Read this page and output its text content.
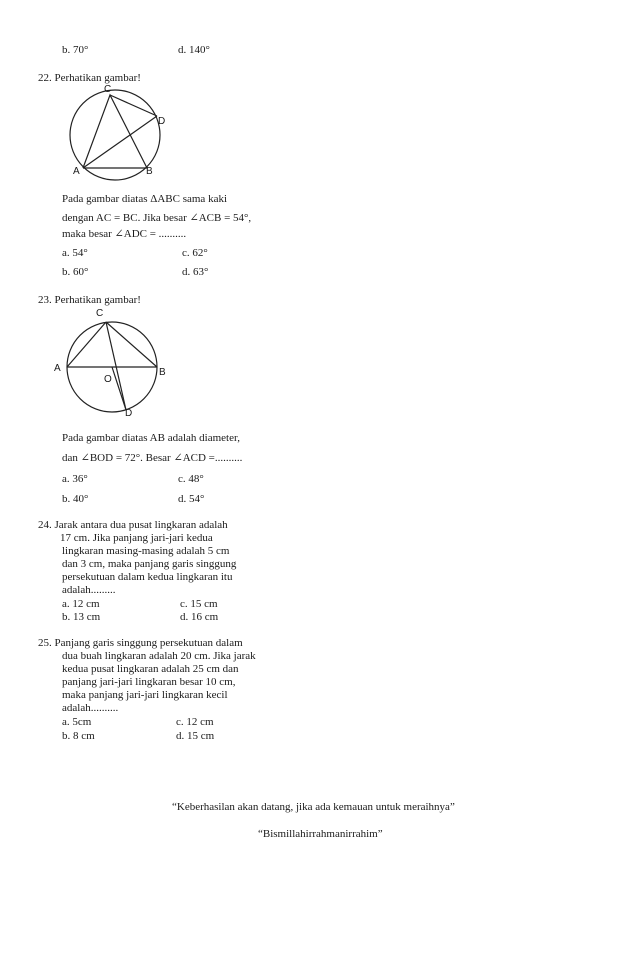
b. 70°	d. 140°
22. Perhatikan gambar!
C
D
A	B
Pada gambar diatas ΔABC sama kaki
dengan AC = BC. Jika besar ∠ACB = 54°,
maka besar ∠ADC = ..........
a. 54°	c. 62°
b. 60°	d. 63°
23. Perhatikan gambar!
C
A	B
O
D
Pada gambar diatas AB adalah diameter,
dan ∠BOD = 72°. Besar ∠ACD =..........
a. 36°	c. 48°
b. 40°	d. 54°
24. Jarak antara dua pusat lingkaran adalah
17 cm. Jika panjang jari-jari kedua
lingkaran masing-masing adalah 5 cm
dan 3 cm, maka panjang garis singgung
persekutuan dalam kedua lingkaran itu
adalah.........
a. 12 cm	c. 15 cm
b. 13 cm	d. 16 cm
25. Panjang garis singgung persekutuan dalam
dua buah lingkaran adalah 20 cm. Jika jarak
kedua pusat lingkaran adalah 25 cm dan
panjang jari-jari lingkaran besar 10 cm,
maka panjang jari-jari lingkaran kecil
adalah..........
a. 5cm	c. 12 cm
b. 8 cm	d. 15 cm
“Keberhasilan akan datang, jika ada kemauan untuk meraihnya”
“Bismillahirrahmanirrahim”
